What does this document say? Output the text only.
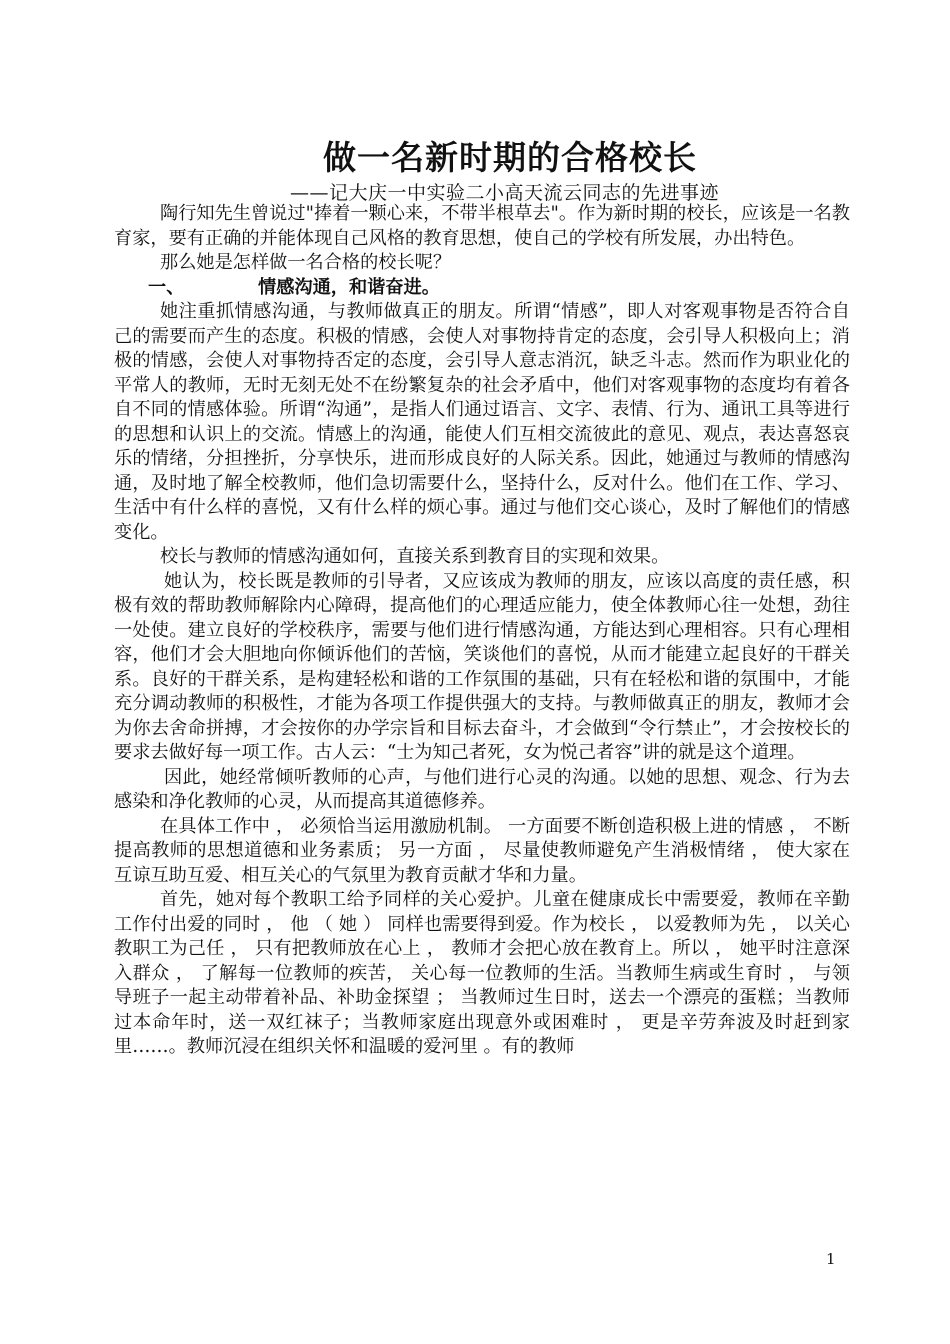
做一名新时期的合格校长
——记大庆一中实验二小高天流云同志的先进事迹

陶行知先生曾说过"捧着一颗心来，不带半根草去"。作为新时期的校长，应该是一名教育家，要有正确的并能体现自己风格的教育思想，使自己的学校有所发展，办出特色。

那么她是怎样做一名合格的校长呢？

一、	情感沟通，和谐奋进。

她注重抓情感沟通，与教师做真正的朋友。所谓“情感”，即人对客观事物是否符合自己的需要而产生的态度。积极的情感，会使人对事物持肯定的态度，会引导人积极向上；消极的情感，会使人对事物持否定的态度，会引导人意志消沉，缺乏斗志。然而作为职业化的平常人的教师，无时无刻无处不在纷繁复杂的社会矛盾中，他们对客观事物的态度均有着各自不同的情感体验。所谓“沟通”，是指人们通过语言、文字、表情、行为、通讯工具等进行的思想和认识上的交流。情感上的沟通，能使人们互相交流彼此的意见、观点，表达喜怒哀乐的情绪，分担挫折，分享快乐，进而形成良好的人际关系。因此，她通过与教师的情感沟通，及时地了解全校教师，他们急切需要什么，坚持什么，反对什么。他们在工作、学习、生活中有什么样的喜悦，又有什么样的烦心事。通过与他们交心谈心，及时了解他们的情感变化。

校长与教师的情感沟通如何，直接关系到教育目的实现和效果。

她认为，校长既是教师的引导者，又应该成为教师的朋友，应该以高度的责任感，积极有效的帮助教师解除内心障碍，提高他们的心理适应能力，使全体教师心往一处想，劲往一处使。建立良好的学校秩序，需要与他们进行情感沟通，方能达到心理相容。只有心理相容，他们才会大胆地向你倾诉他们的苦恼，笑谈他们的喜悦，从而才能建立起良好的干群关系。良好的干群关系，是构建轻松和谐的工作氛围的基础，只有在轻松和谐的氛围中，才能充分调动教师的积极性，才能为各项工作提供强大的支持。与教师做真正的朋友，教师才会为你去舍命拼搏，才会按你的办学宗旨和目标去奋斗，才会做到“令行禁止”，才会按校长的要求去做好每一项工作。古人云：“士为知己者死，女为悦己者容”讲的就是这个道理。

因此，她经常倾听教师的心声，与他们进行心灵的沟通。以她的思想、观念、行为去感染和净化教师的心灵，从而提高其道德修养。

在具体工作中 ， 必须恰当运用激励机制。 一方面要不断创造积极上进的情感 ， 不断提高教师的思想道德和业务素质； 另一方面 ， 尽量使教师避免产生消极情绪 ， 使大家在互谅互助互爱、相互关心的气氛里为教育贡献才华和力量。

首先，她对每个教职工给予同样的关心爱护。儿童在健康成长中需要爱，教师在辛勤工作付出爱的同时 ， 他 （ 她 ） 同样也需要得到爱。作为校长 ， 以爱教师为先 ， 以关心教职工为己任 ， 只有把教师放在心上 ， 教师才会把心放在教育上。所以 ， 她平时注意深入群众 ， 了解每一位教师的疾苦， 关心每一位教师的生活。当教师生病或生育时 ， 与领导班子一起主动带着补品、补助金探望 ； 当教师过生日时，送去一个漂亮的蛋糕；当教师过本命年时，送一双红袜子；当教师家庭出现意外或困难时 ， 更是辛劳奔波及时赶到家里……。教师沉浸在组织关怀和温暖的爱河里 。有的教师

1
